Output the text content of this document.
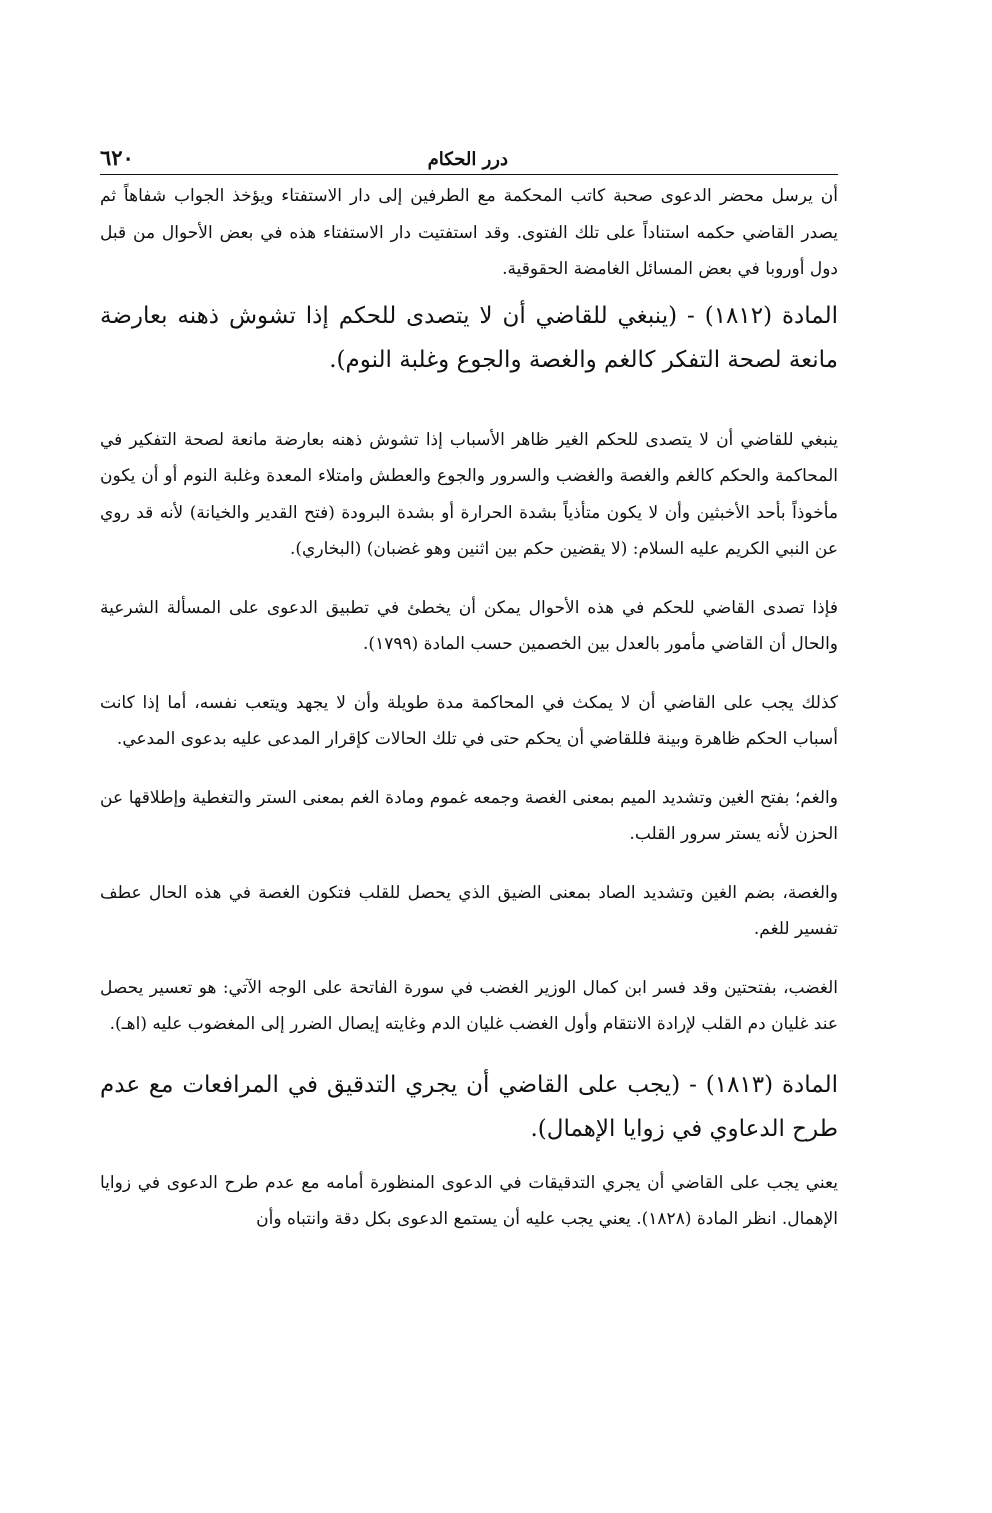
٦٢٠	درر الحكام

أن يرسل محضر الدعوى صحبة كاتب المحكمة مع الطرفين إلى دار الاستفتاء ويؤخذ الجواب شفاهاً ثم يصدر القاضي حكمه استناداً على تلك الفتوى. وقد استفتيت دار الاستفتاء هذه في بعض الأحوال من قبل دول أوروبا في بعض المسائل الغامضة الحقوقية.

المادة (١٨١٢) - (ينبغي للقاضي أن لا يتصدى للحكم إذا تشوش ذهنه بعارضة مانعة لصحة التفكر كالغم والغصة والجوع وغلبة النوم).

ينبغي للقاضي أن لا يتصدى للحكم الغير ظاهر الأسباب إذا تشوش ذهنه بعارضة مانعة لصحة التفكير في المحاكمة والحكم كالغم والغصة والغضب والسرور والجوع والعطش وامتلاء المعدة وغلبة النوم أو أن يكون مأخوذاً بأحد الأخبثين وأن لا يكون متأذياً بشدة الحرارة أو بشدة البرودة (فتح القدير والخيانة) لأنه قد روي عن النبي الكريم عليه السلام: (لا يقضين حكم بين اثنين وهو غضبان) (البخاري).

فإذا تصدى القاضي للحكم في هذه الأحوال يمكن أن يخطئ في تطبيق الدعوى على المسألة الشرعية والحال أن القاضي مأمور بالعدل بين الخصمين حسب المادة (١٧٩٩).

كذلك يجب على القاضي أن لا يمكث في المحاكمة مدة طويلة وأن لا يجهد ويتعب نفسه، أما إذا كانت أسباب الحكم ظاهرة وبينة فللقاضي أن يحكم حتى في تلك الحالات كإقرار المدعى عليه بدعوى المدعي.

والغم؛ بفتح الغين وتشديد الميم بمعنى الغصة وجمعه غموم ومادة الغم بمعنى الستر والتغطية وإطلاقها عن الحزن لأنه يستر سرور القلب.

والغصة، بضم الغين وتشديد الصاد بمعنى الضيق الذي يحصل للقلب فتكون الغصة في هذه الحال عطف تفسير للغم.

الغضب، بفتحتين وقد فسر ابن كمال الوزير الغضب في سورة الفاتحة على الوجه الآتي: هو تعسير يحصل عند غليان دم القلب لإرادة الانتقام وأول الغضب غليان الدم وغايته إيصال الضرر إلى المغضوب عليه (اهـ).

المادة (١٨١٣) - (يجب على القاضي أن يجري التدقيق في المرافعات مع عدم طرح الدعاوي في زوايا الإهمال).

يعني يجب على القاضي أن يجري التدقيقات في الدعوى المنظورة أمامه مع عدم طرح الدعوى في زوايا الإهمال. انظر المادة (١٨٢٨). يعني يجب عليه أن يستمع الدعوى بكل دقة وانتباه وأن
